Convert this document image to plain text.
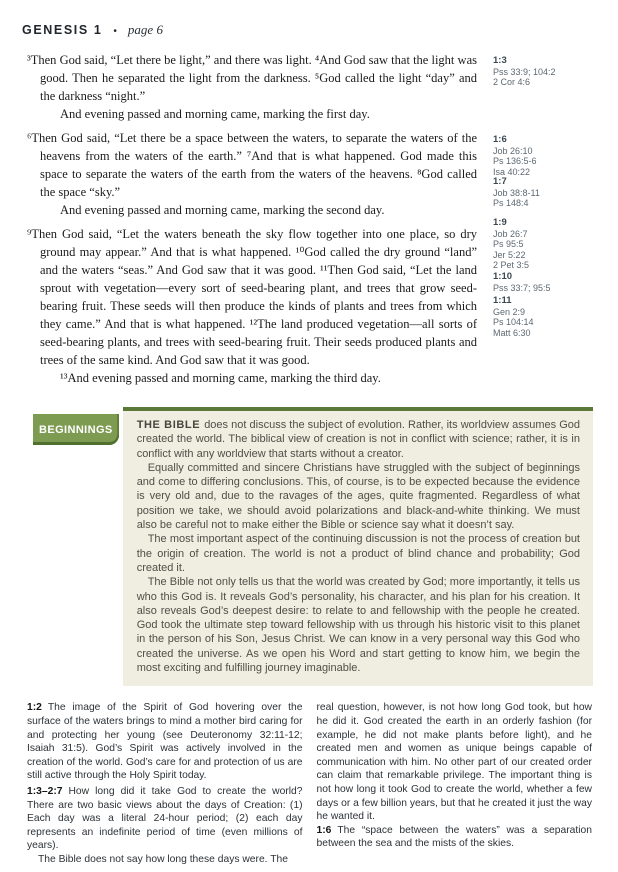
GENESIS 1 • page 6

³Then God said, “Let there be light,” and there was light. ⁴And God saw that the light was good. Then he separated the light from the darkness. ⁵God called the light “day” and the darkness “night.”

And evening passed and morning came, marking the first day.

⁶Then God said, “Let there be a space between the waters, to separate the waters of the heavens from the waters of the earth.” ⁷And that is what happened. God made this space to separate the waters of the earth from the waters of the heavens. ⁸God called the space “sky.”

And evening passed and morning came, marking the second day.

⁹Then God said, “Let the waters beneath the sky flow together into one place, so dry ground may appear.” And that is what happened. ¹⁰God called the dry ground “land” and the waters “seas.” And God saw that it was good. ¹¹Then God said, “Let the land sprout with vegetation—every sort of seed-bearing plant, and trees that grow seed-bearing fruit. These seeds will then produce the kinds of plants and trees from which they came.” And that is what happened. ¹²The land produced vegetation—all sorts of seed-bearing plants, and trees with seed-bearing fruit. Their seeds produced plants and trees of the same kind. And God saw that it was good.

¹³And evening passed and morning came, marking the third day.

1:3
Pss 33:9; 104:2
2 Cor 4:6
1:6
Job 26:10
Ps 136:5-6
Isa 40:22
1:7
Job 38:8-11
Ps 148:4
1:9
Job 26:7
Ps 95:5
Jer 5:22
2 Pet 3:5
1:10
Pss 33:7; 95:5
1:11
Gen 2:9
Ps 104:14
Matt 6:30
BEGINNINGS	THE BIBLE does not discuss the subject of evolution. Rather, its worldview assumes God created the world. The biblical view of creation is not in conflict with science; rather, it is in conflict with any worldview that starts without a creator.

Equally committed and sincere Christians have struggled with the subject of beginnings and come to differing conclusions. This, of course, is to be expected because the evidence is very old and, due to the ravages of the ages, quite fragmented. Regardless of what position we take, we should avoid polarizations and black-and-white thinking. We must also be careful not to make either the Bible or science say what it doesn’t say.

The most important aspect of the continuing discussion is not the process of creation but the origin of creation. The world is not a product of blind chance and probability; God created it.

The Bible not only tells us that the world was created by God; more importantly, it tells us who this God is. It reveals God’s personality, his character, and his plan for his creation. It also reveals God’s deepest desire: to relate to and fellowship with the people he created. God took the ultimate step toward fellowship with us through his historic visit to this planet in the person of his Son, Jesus Christ. We can know in a very personal way this God who created the universe. As we open his Word and start getting to know him, we begin the most exciting and fulfilling journey imaginable.

1:2 The image of the Spirit of God hovering over the surface of the waters brings to mind a mother bird caring for and protecting her young (see Deuteronomy 32:11-12; Isaiah 31:5). God’s Spirit was actively involved in the creation of the world. God’s care for and protection of us are still active through the Holy Spirit today.

1:3–2:7 How long did it take God to create the world? There are two basic views about the days of Creation: (1) Each day was a literal 24-hour period; (2) each day represents an indefinite period of time (even millions of years).

The Bible does not say how long these days were. The

real question, however, is not how long God took, but how he did it. God created the earth in an orderly fashion (for example, he did not make plants before light), and he created men and women as unique beings capable of communication with him. No other part of our created order can claim that remarkable privilege. The important thing is not how long it took God to create the world, whether a few days or a few billion years, but that he created it just the way he wanted it.

1:6 The “space between the waters” was a separation between the sea and the mists of the skies.
